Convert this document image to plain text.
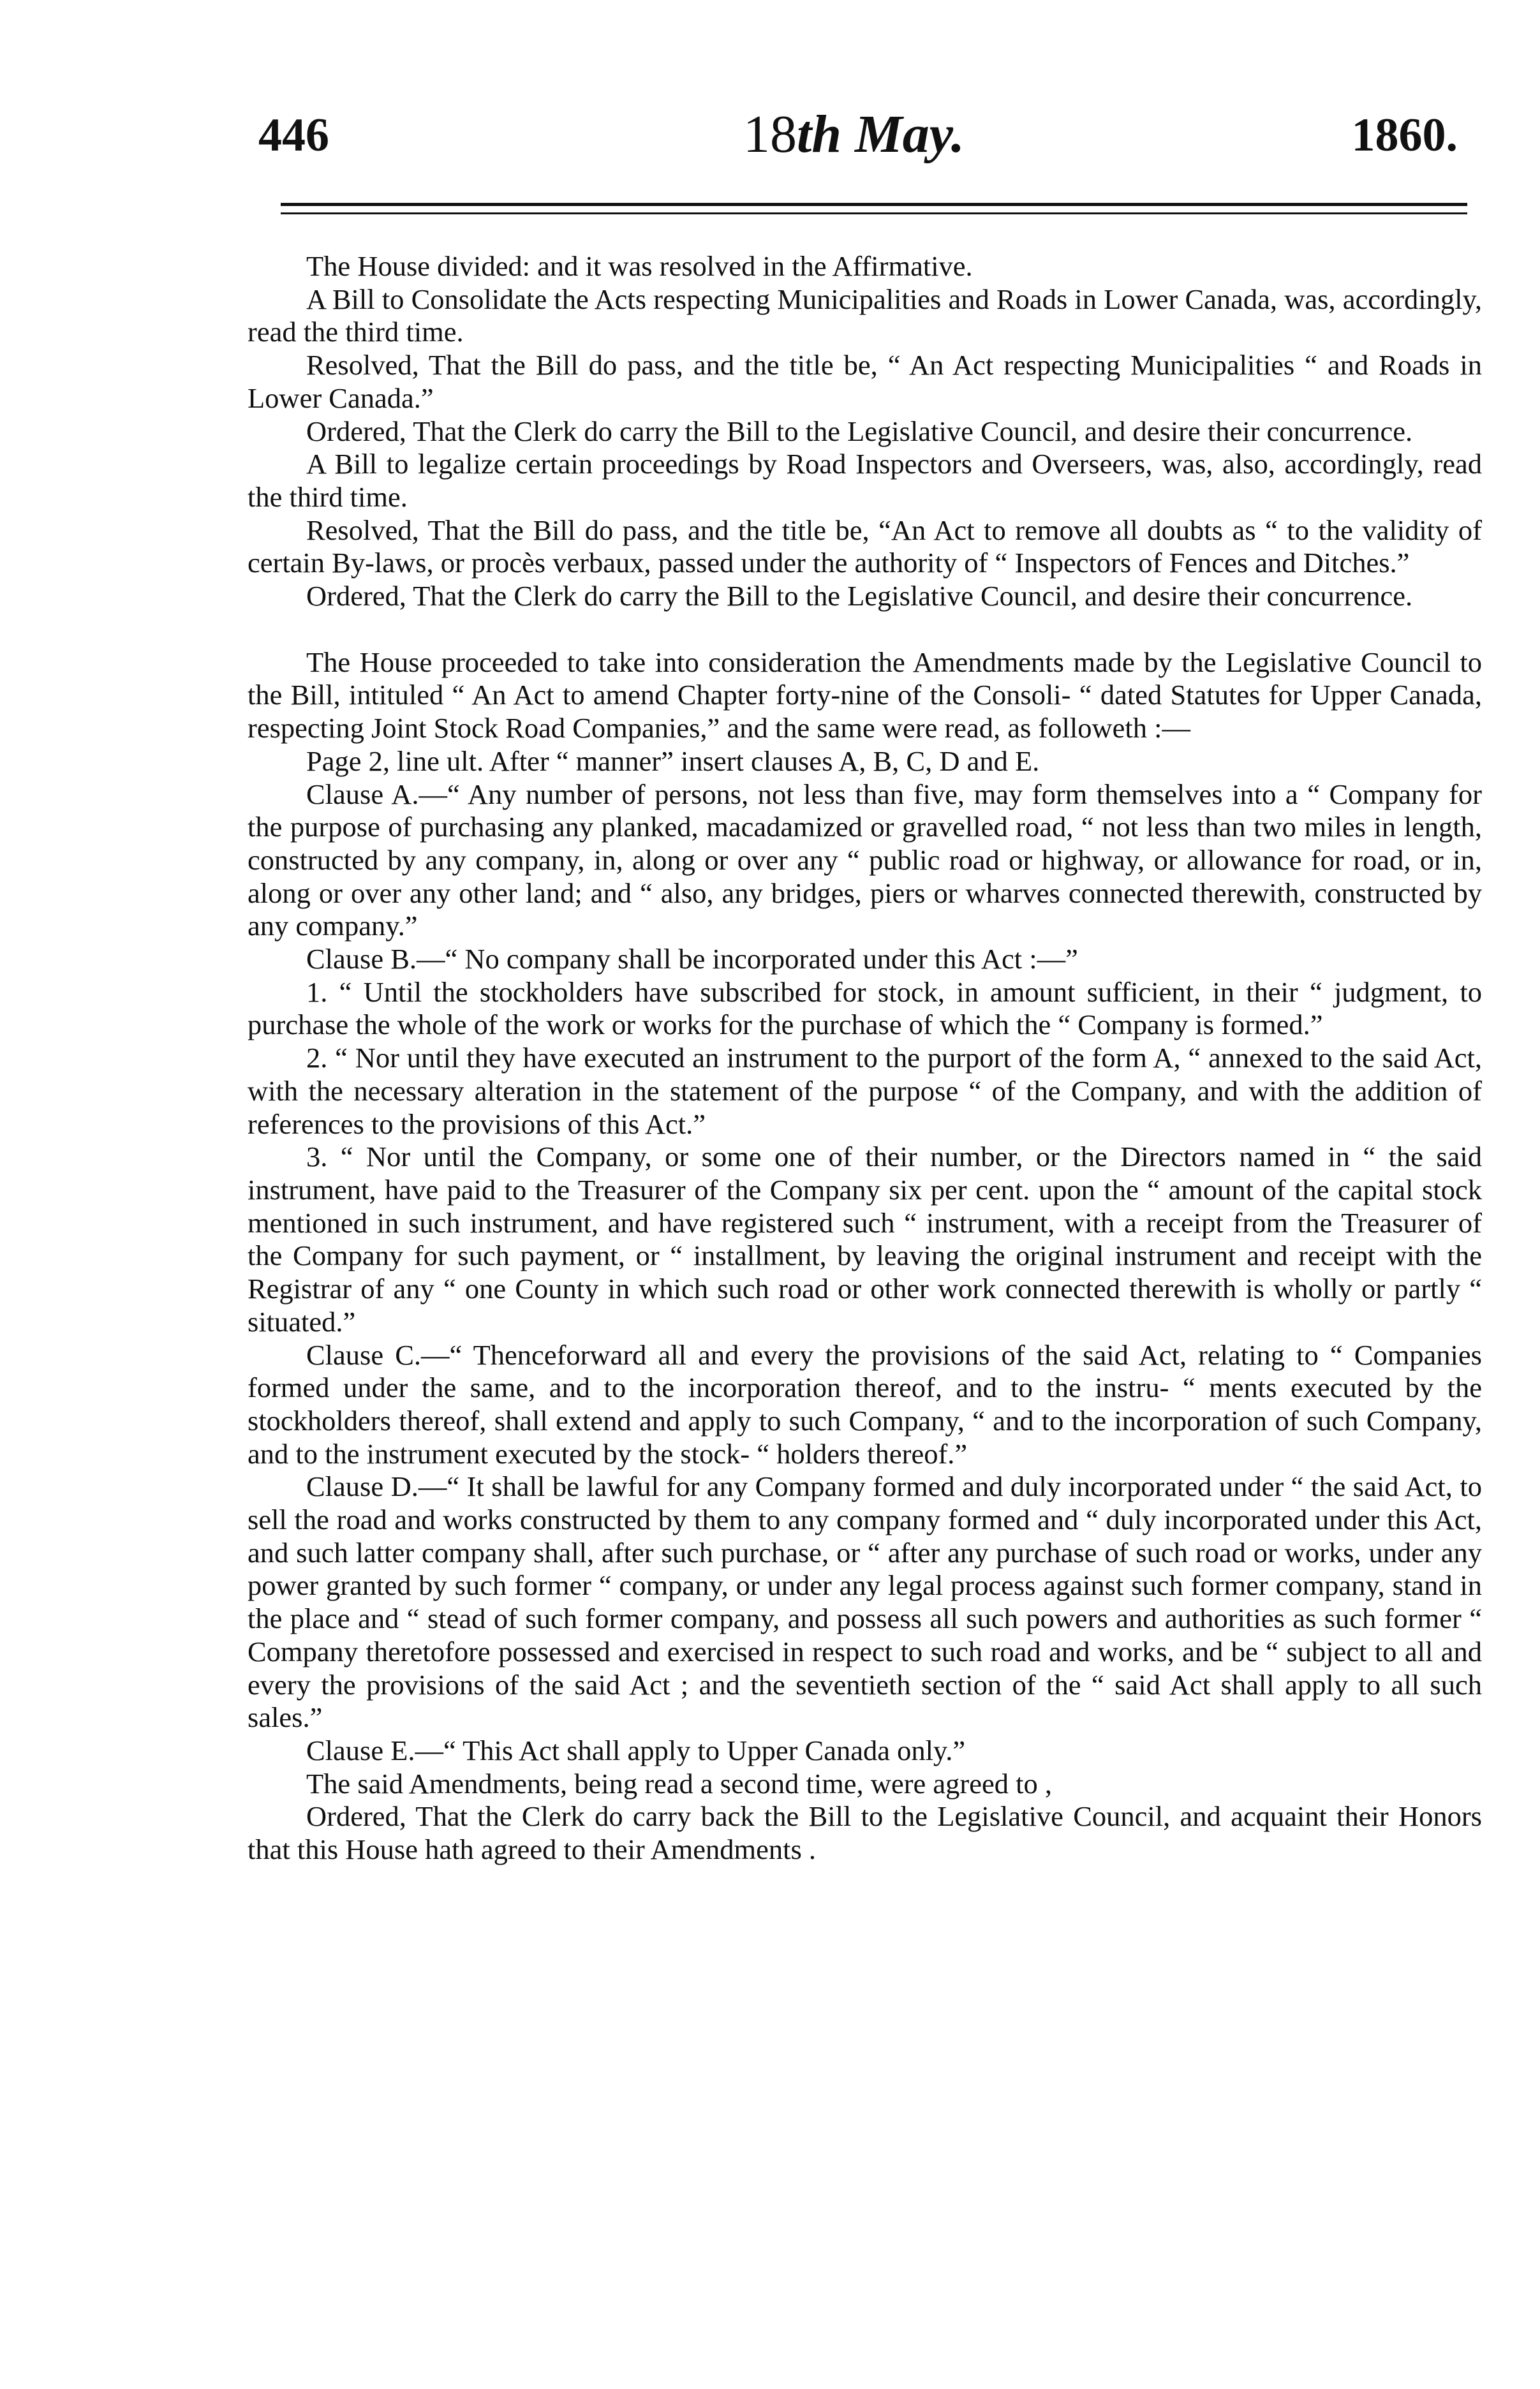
446	18th May.	1860.

The House divided: and it was resolved in the Affirmative.

A Bill to Consolidate the Acts respecting Municipalities and Roads in Lower Canada, was, accordingly, read the third time.

Resolved, That the Bill do pass, and the title be, “ An Act respecting Municipalities “ and Roads in Lower Canada.”

Ordered, That the Clerk do carry the Bill to the Legislative Council, and desire their concurrence.

A Bill to legalize certain proceedings by Road Inspectors and Overseers, was, also, accordingly, read the third time.

Resolved, That the Bill do pass, and the title be, “An Act to remove all doubts as “ to the validity of certain By-laws, or procès verbaux, passed under the authority of “ Inspectors of Fences and Ditches.”

Ordered, That the Clerk do carry the Bill to the Legislative Council, and desire their concurrence.

The House proceeded to take into consideration the Amendments made by the Legislative Council to the Bill, intituled “ An Act to amend Chapter forty-nine of the Consoli- “ dated Statutes for Upper Canada, respecting Joint Stock Road Companies,” and the same were read, as followeth :—

Page 2, line ult. After “ manner” insert clauses A, B, C, D and E.

Clause A.—“ Any number of persons, not less than five, may form themselves into a “ Company for the purpose of purchasing any planked, macadamized or gravelled road, “ not less than two miles in length, constructed by any company, in, along or over any “ public road or highway, or allowance for road, or in, along or over any other land; and “ also, any bridges, piers or wharves connected therewith, constructed by any company.”

Clause B.—“ No company shall be incorporated under this Act :—”

1. “ Until the stockholders have subscribed for stock, in amount sufficient, in their “ judgment, to purchase the whole of the work or works for the purchase of which the “ Company is formed.”

2. “ Nor until they have executed an instrument to the purport of the form A, “ annexed to the said Act, with the necessary alteration in the statement of the purpose “ of the Company, and with the addition of references to the provisions of this Act.”

3. “ Nor until the Company, or some one of their number, or the Directors named in “ the said instrument, have paid to the Treasurer of the Company six per cent. upon the “ amount of the capital stock mentioned in such instrument, and have registered such “ instrument, with a receipt from the Treasurer of the Company for such payment, or “ installment, by leaving the original instrument and receipt with the Registrar of any “ one County in which such road or other work connected therewith is wholly or partly “ situated.”

Clause C.—“ Thenceforward all and every the provisions of the said Act, relating to “ Companies formed under the same, and to the incorporation thereof, and to the instru- “ ments executed by the stockholders thereof, shall extend and apply to such Company, “ and to the incorporation of such Company, and to the instrument executed by the stock- “ holders thereof.”

Clause D.—“ It shall be lawful for any Company formed and duly incorporated under “ the said Act, to sell the road and works constructed by them to any company formed and “ duly incorporated under this Act, and such latter company shall, after such purchase, or “ after any purchase of such road or works, under any power granted by such former “ company, or under any legal process against such former company, stand in the place and “ stead of such former company, and possess all such powers and authorities as such former “ Company theretofore possessed and exercised in respect to such road and works, and be “ subject to all and every the provisions of the said Act ; and the seventieth section of the “ said Act shall apply to all such sales.”

Clause E.—“ This Act shall apply to Upper Canada only.”

The said Amendments, being read a second time, were agreed to ,

Ordered, That the Clerk do carry back the Bill to the Legislative Council, and acquaint their Honors that this House hath agreed to their Amendments .
